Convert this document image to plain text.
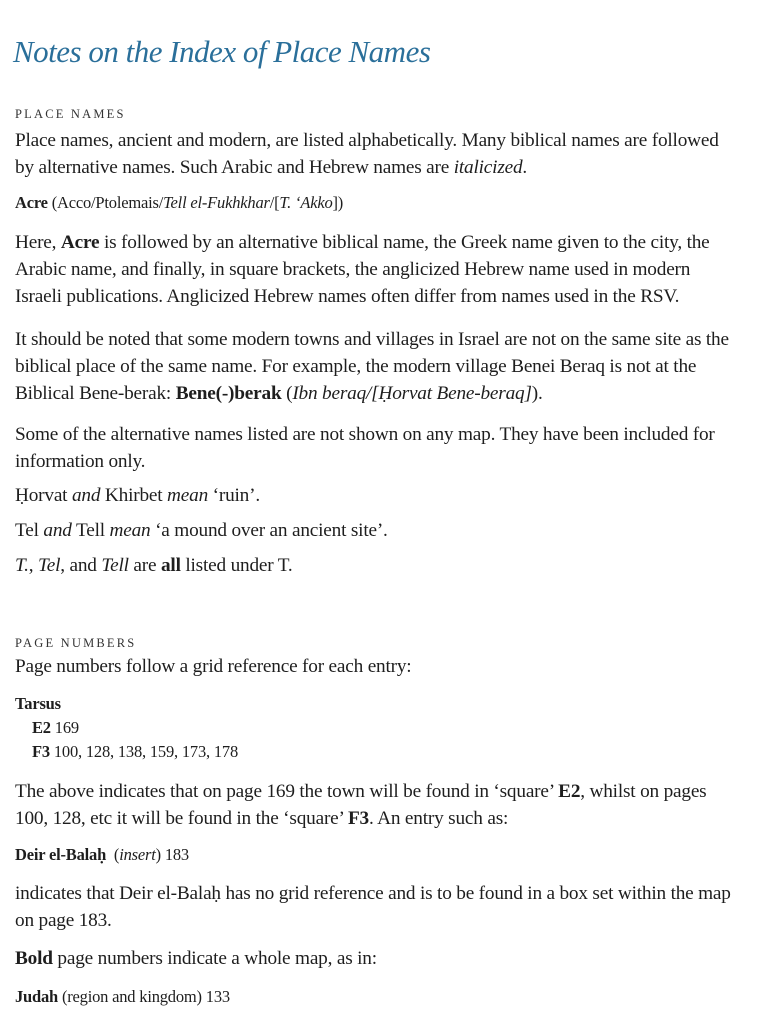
Notes on the Index of Place Names
PLACE NAMES
Place names, ancient and modern, are listed alphabetically. Many biblical names are followed by alternative names. Such Arabic and Hebrew names are italicized.
Acre (Acco/Ptolemais/Tell el-Fukhkhar/[T. ‘Akko])
Here, Acre is followed by an alternative biblical name, the Greek name given to the city, the Arabic name, and finally, in square brackets, the anglicized Hebrew name used in modern Israeli publications. Anglicized Hebrew names often differ from names used in the RSV.
It should be noted that some modern towns and villages in Israel are not on the same site as the biblical place of the same name. For example, the modern village Benei Beraq is not at the Biblical Bene-berak: Bene(-)berak (Ibn beraq/[Ḥorvat Bene-beraq]).
Some of the alternative names listed are not shown on any map. They have been included for information only.
Ḥorvat and Khirbet mean ‘ruin’.
Tel and Tell mean ‘a mound over an ancient site’.
T., Tel, and Tell are all listed under T.
PAGE NUMBERS
Page numbers follow a grid reference for each entry:
Tarsus
E2 169
F3 100, 128, 138, 159, 173, 178
The above indicates that on page 169 the town will be found in ‘square’ E2, whilst on pages 100, 128, etc it will be found in the ‘square’ F3. An entry such as:
Deir el-Balaḥ  (insert) 183
indicates that Deir el-Balaḥ has no grid reference and is to be found in a box set within the map on page 183.
Bold page numbers indicate a whole map, as in:
Judah (region and kingdom) 133
